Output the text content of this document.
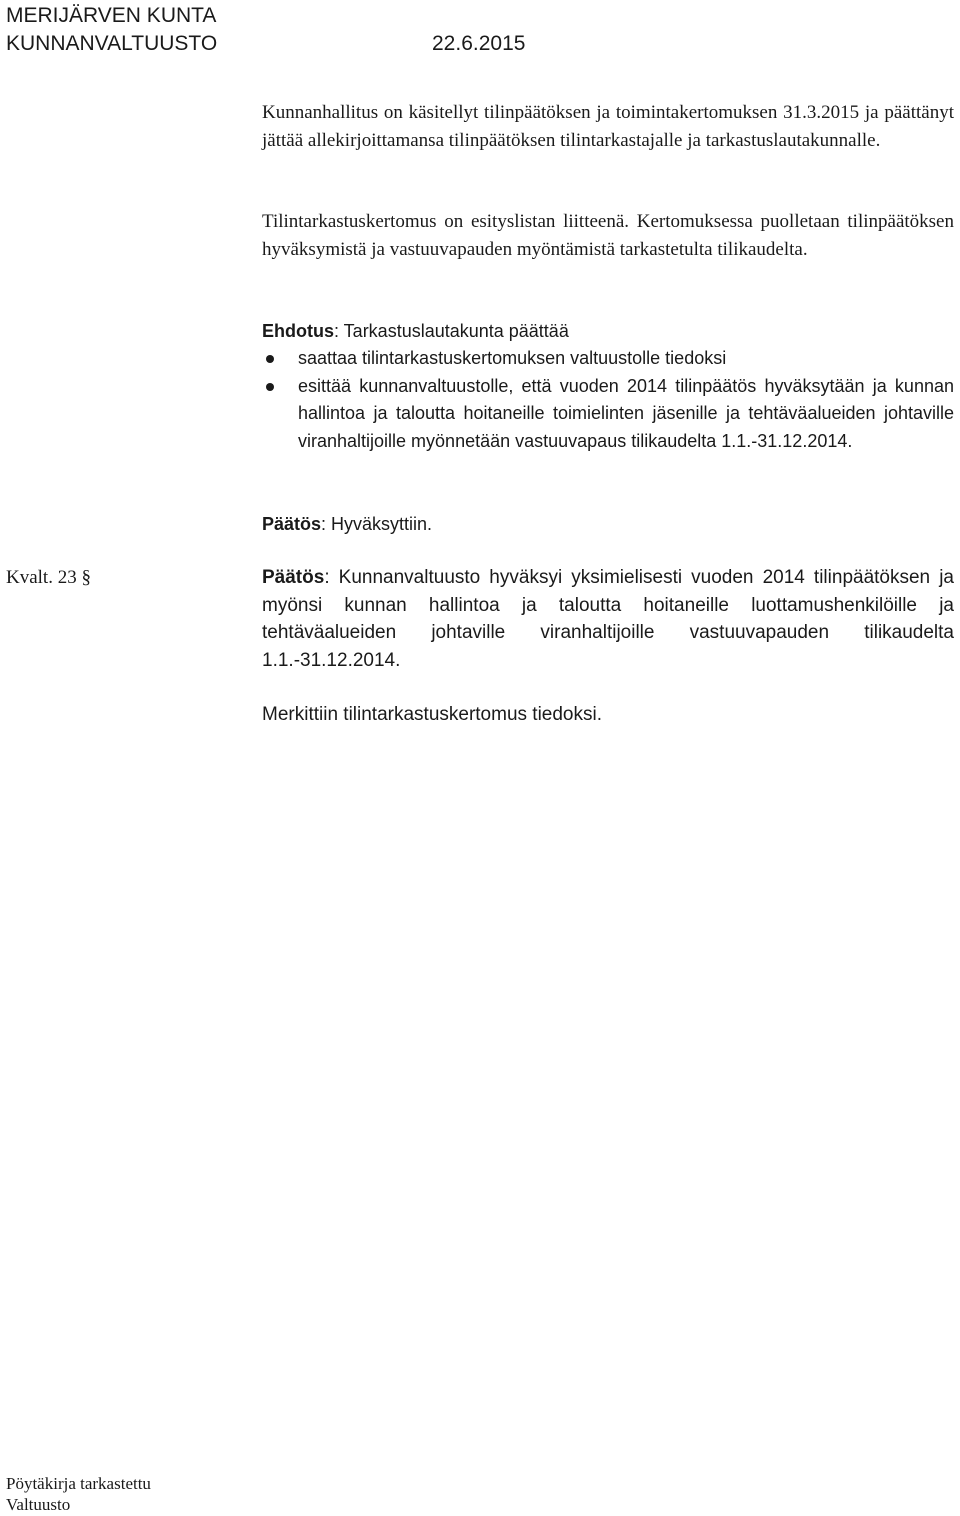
MERIJÄRVEN KUNTA
KUNNANVALTUUSTO	22.6.2015

Kunnanhallitus on käsitellyt tilinpäätöksen ja toimintakertomuksen 31.3.2015 ja päättänyt jättää allekirjoittamansa tilinpäätöksen tilintarkastajalle ja tarkastuslautakunnalle.

Tilintarkastuskertomus on esityslistan liitteenä. Kertomuksessa puolletaan tilinpäätöksen hyväksymistä ja vastuuvapauden myöntämistä tarkastetulta tilikaudelta.

Ehdotus: Tarkastuslautakunta päättää
saattaa tilintarkastuskertomuksen valtuustolle tiedoksi
esittää kunnanvaltuustolle, että vuoden 2014 tilinpäätös hyväksytään ja kunnan hallintoa ja taloutta hoitaneille toimielinten jäsenille ja tehtäväalueiden johtaville viranhaltijoille myönnetään vastuuvapaus tilikaudelta 1.1.-31.12.2014.
Päätös: Hyväksyttiin.
Kvalt. 23 §	Päätös: Kunnanvaltuusto hyväksyi yksimielisesti vuoden 2014 tilinpäätöksen ja myönsi kunnan hallintoa ja taloutta hoitaneille luottamushenkilöille ja tehtäväalueiden johtaville viranhaltijoille vastuuvapauden tilikaudelta 1.1.-31.12.2014.

Merkittiin tilintarkastuskertomus tiedoksi.
Pöytäkirja tarkastettu
Valtuusto
